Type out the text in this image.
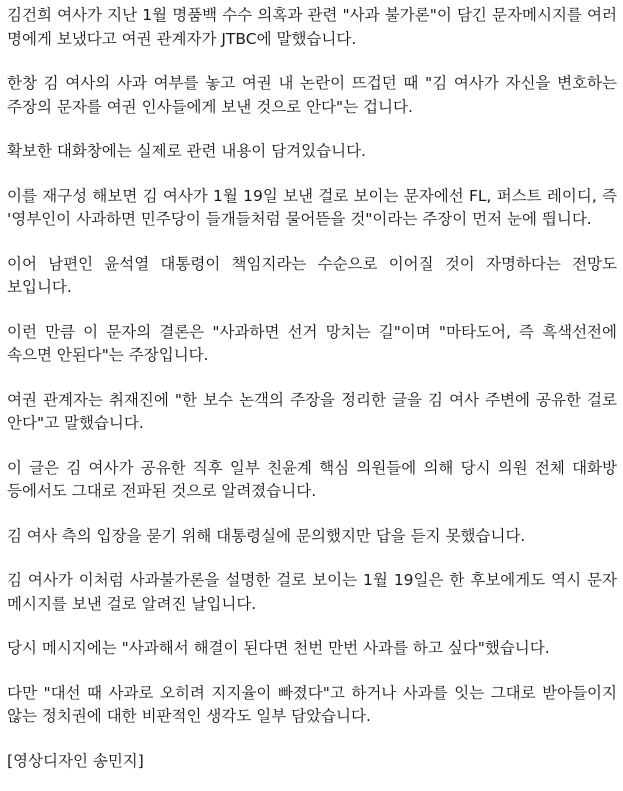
김건희 여사가 지난 1월 명품백 수수 의혹과 관련 "사과 불가론"이 담긴 문자메시지를 여러 명에게 보냈다고 여권 관계자가 JTBC에 말했습니다.

한창 김 여사의 사과 여부를 놓고 여권 내 논란이 뜨겁던 때 "김 여사가 자신을 변호하는 주장의 문자를 여권 인사들에게 보낸 것으로 안다"는 겁니다.

확보한 대화창에는 실제로 관련 내용이 담겨있습니다.

이를 재구성 해보면 김 여사가 1월 19일 보낸 걸로 보이는 문자에선 FL, 퍼스트 레이디, 즉 '영부인이 사과하면 민주당이 들개들처럼 물어뜯을 것"이라는 주장이 먼저 눈에 띕니다.

이어 남편인 윤석열 대통령이 책임지라는 수순으로 이어질 것이 자명하다는 전망도 보입니다.

이런 만큼 이 문자의 결론은 "사과하면 선거 망치는 길"이며 "마타도어, 즉 흑색선전에 속으면 안된다"는 주장입니다.

여권 관계자는 취재진에 "한 보수 논객의 주장을 정리한 글을 김 여사 주변에 공유한 걸로 안다"고 말했습니다.

이 글은 김 여사가 공유한 직후 일부 친윤계 핵심 의원들에 의해 당시 의원 전체 대화방 등에서도 그대로 전파된 것으로 알려졌습니다.

김 여사 측의 입장을 묻기 위해 대통령실에 문의했지만 답을 듣지 못했습니다.

김 여사가 이처럼 사과불가론을 설명한 걸로 보이는 1월 19일은 한 후보에게도 역시 문자 메시지를 보낸 걸로 알려진 날입니다.

당시 메시지에는 "사과해서 해결이 된다면 천번 만번 사과를 하고 싶다"했습니다.

다만 "대선 때 사과로 오히려 지지율이 빠졌다"고 하거나 사과를 잇는 그대로 받아들이지 않는 정치권에 대한 비판적인 생각도 일부 담았습니다.

[영상디자인 송민지]
